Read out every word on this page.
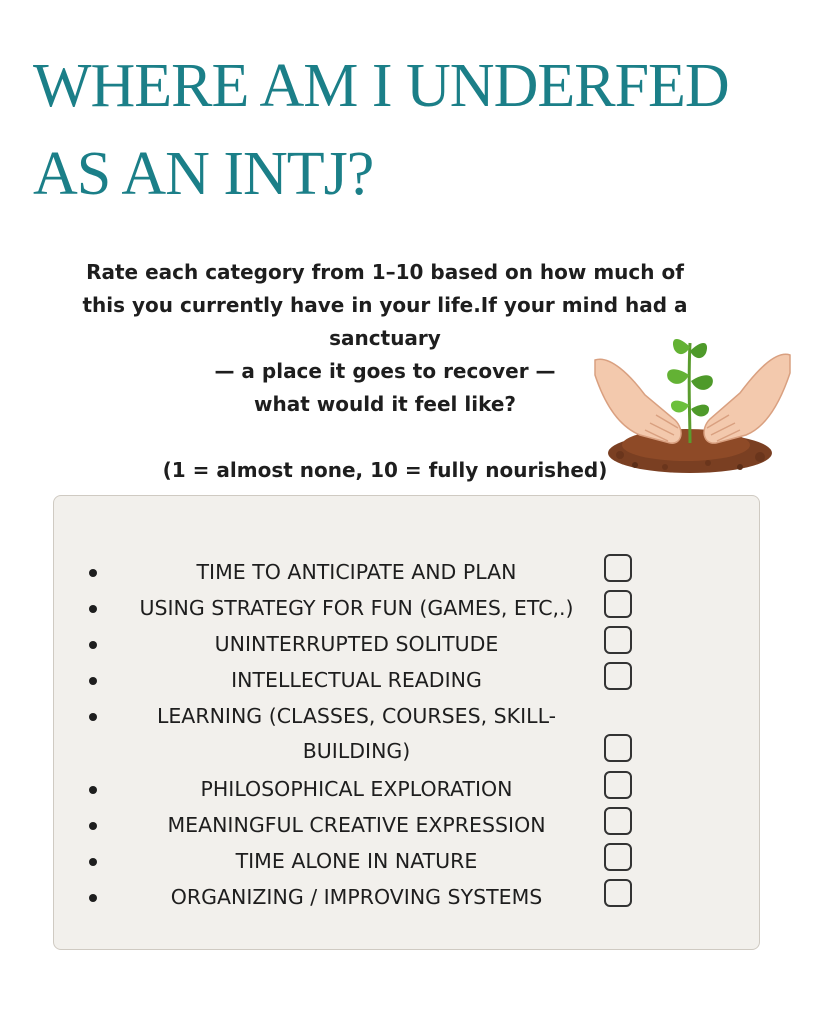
WHERE AM I UNDERFED
AS AN INTJ?

Rate each category from 1–10 based on how much of

this you currently have in your life.If your mind had a

sanctuary

— a place it goes to recover —

what would it feel like?

(1 = almost none, 10 = fully nourished)

TIME TO ANTICIPATE AND PLAN
USING STRATEGY FOR FUN (GAMES, ETC,.)
UNINTERRUPTED SOLITUDE
INTELLECTUAL READING
LEARNING (CLASSES, COURSES, SKILL-
BUILDING)
PHILOSOPHICAL EXPLORATION
MEANINGFUL CREATIVE EXPRESSION
TIME ALONE IN NATURE
ORGANIZING / IMPROVING SYSTEMS
